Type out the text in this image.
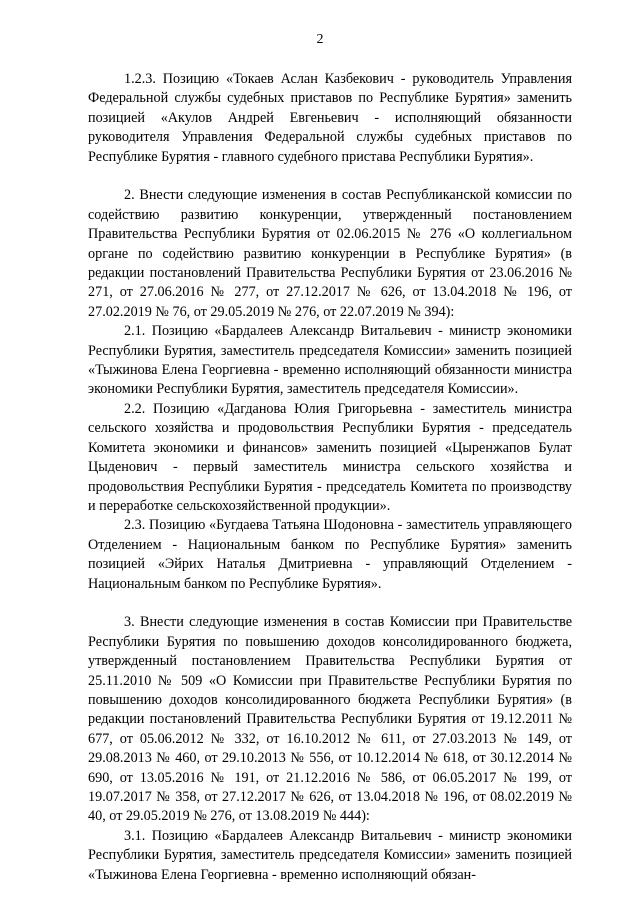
2

1.2.3. Позицию «Токаев Аслан Казбекович - руководитель Управления Федеральной службы судебных приставов по Республике Бурятия» заменить позицией «Акулов Андрей Евгеньевич - исполняющий обязанности руководителя Управления Федеральной службы судебных приставов по Республике Бурятия - главного судебного пристава Республики Бурятия».

2. Внести следующие изменения в состав Республиканской комиссии по содействию развитию конкуренции, утвержденный постановлением Правительства Республики Бурятия от 02.06.2015 № 276 «О коллегиальном органе по содействию развитию конкуренции в Республике Бурятия» (в редакции постановлений Правительства Республики Бурятия от 23.06.2016 № 271, от 27.06.2016 № 277, от 27.12.2017 № 626, от 13.04.2018 № 196, от 27.02.2019 № 76, от 29.05.2019 № 276, от 22.07.2019 № 394):

2.1. Позицию «Бардалеев Александр Витальевич - министр экономики Республики Бурятия, заместитель председателя Комиссии» заменить позицией «Тыжинова Елена Георгиевна - временно исполняющий обязанности министра экономики Республики Бурятия, заместитель председателя Комиссии».

2.2. Позицию «Дагданова Юлия Григорьевна - заместитель министра сельского хозяйства и продовольствия Республики Бурятия - председатель Комитета экономики и финансов» заменить позицией «Цыренжапов Булат Цыденович - первый заместитель министра сельского хозяйства и продовольствия Республики Бурятия - председатель Комитета по производству и переработке сельскохозяйственной продукции».

2.3. Позицию «Бугдаева Татьяна Шодоновна - заместитель управляющего Отделением - Национальным банком по Республике Бурятия» заменить позицией «Эйрих Наталья Дмитриевна - управляющий Отделением - Национальным банком по Республике Бурятия».

3. Внести следующие изменения в состав Комиссии при Правительстве Республики Бурятия по повышению доходов консолидированного бюджета, утвержденный постановлением Правительства Республики Бурятия от 25.11.2010 № 509 «О Комиссии при Правительстве Республики Бурятия по повышению доходов консолидированного бюджета Республики Бурятия» (в редакции постановлений Правительства Республики Бурятия от 19.12.2011 № 677, от 05.06.2012 № 332, от 16.10.2012 № 611, от 27.03.2013 № 149, от 29.08.2013 № 460, от 29.10.2013 № 556, от 10.12.2014 № 618, от 30.12.2014 № 690, от 13.05.2016 № 191, от 21.12.2016 № 586, от 06.05.2017 № 199, от 19.07.2017 № 358, от 27.12.2017 № 626, от 13.04.2018 № 196, от 08.02.2019 № 40, от 29.05.2019 № 276, от 13.08.2019 № 444):

3.1. Позицию «Бардалеев Александр Витальевич - министр экономики Республики Бурятия, заместитель председателя Комиссии» заменить позицией «Тыжинова Елена Георгиевна - временно исполняющий обязан-
